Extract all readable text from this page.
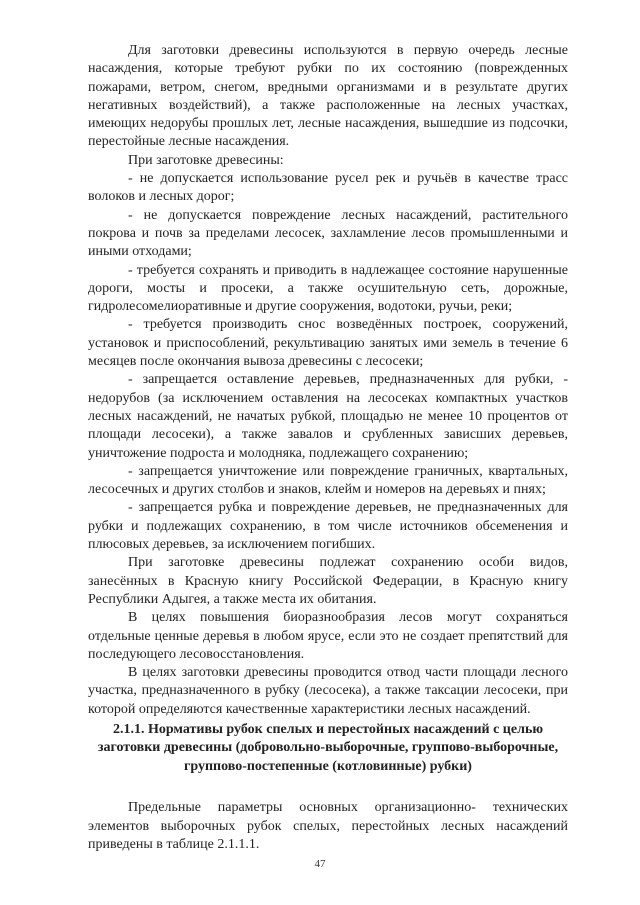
Для заготовки древесины используются в первую очередь лесные насаждения, которые требуют рубки по их состоянию (поврежденных пожарами, ветром, снегом, вредными организмами и в результате других негативных воздействий), а также расположенные на лесных участках, имеющих недорубы прошлых лет, лесные насаждения, вышедшие из подсочки, перестойные лесные насаждения.

При заготовке древесины:

- не допускается использование русел рек и ручьёв в качестве трасс волоков и лесных дорог;

- не допускается повреждение лесных насаждений, растительного покрова и почв за пределами лесосек, захламление лесов промышленными и иными отходами;

- требуется сохранять и приводить в надлежащее состояние нарушенные дороги, мосты и просеки, а также осушительную сеть, дорожные, гидролесомелиоративные и другие сооружения, водотоки, ручьи, реки;

- требуется производить снос возведённых построек, сооружений, установок и приспособлений, рекультивацию занятых ими земель в течение 6 месяцев после окончания вывоза древесины с лесосеки;

- запрещается оставление деревьев, предназначенных для рубки, - недорубов (за исключением оставления на лесосеках компактных участков лесных насаждений, не начатых рубкой, площадью не менее 10 процентов от площади лесосеки), а также завалов и срубленных зависших деревьев, уничтожение подроста и молодняка, подлежащего сохранению;

- запрещается уничтожение или повреждение граничных, квартальных, лесосечных и других столбов и знаков, клейм и номеров на деревьях и пнях;

- запрещается рубка и повреждение деревьев, не предназначенных для рубки и подлежащих сохранению, в том числе источников обсеменения и плюсовых деревьев, за исключением погибших.

При заготовке древесины подлежат сохранению особи видов, занесённых в Красную книгу Российской Федерации, в Красную книгу Республики Адыгея, а также места их обитания.

В целях повышения биоразнообразия лесов могут сохраняться отдельные ценные деревья в любом ярусе, если это не создает препятствий для последующего лесовосстановления.

В целях заготовки древесины проводится отвод части площади лесного участка, предназначенного в рубку (лесосека), а также таксации лесосеки, при которой определяются качественные характеристики лесных насаждений.

2.1.1. Нормативы рубок спелых и перестойных насаждений с целью заготовки древесины (добровольно-выборочные, группово-выборочные, группово-постепенные (котловинные) рубки)

Предельные параметры основных организационно- технических элементов выборочных рубок спелых, перестойных лесных насаждений приведены в таблице 2.1.1.1.

47
